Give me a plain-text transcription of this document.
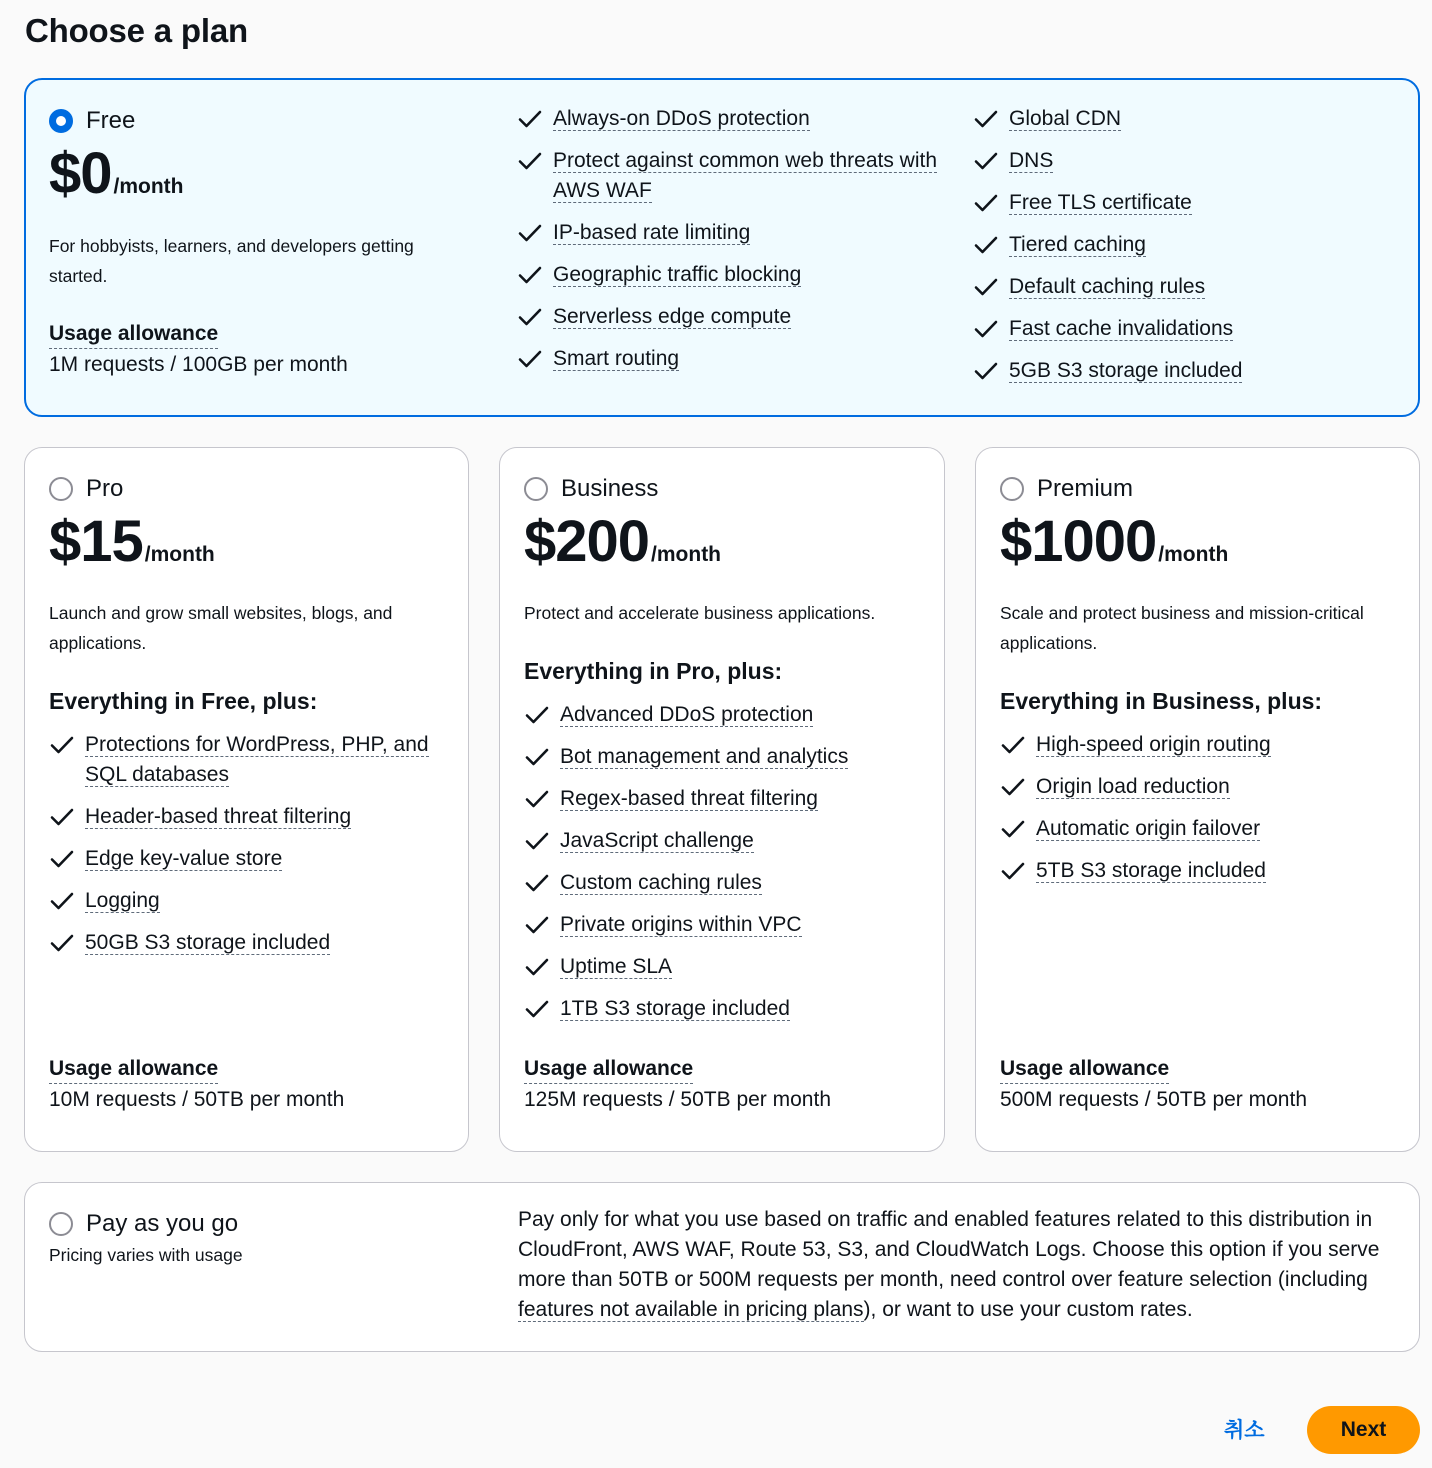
Choose a plan
Free
$0 /month
For hobbyists, learners, and developers getting started.
Usage allowance
1M requests / 100GB per month
Always-on DDoS protection
Protect against common web threats with AWS WAF
IP-based rate limiting
Geographic traffic blocking
Serverless edge compute
Smart routing
Global CDN
DNS
Free TLS certificate
Tiered caching
Default caching rules
Fast cache invalidations
5GB S3 storage included
Pro
$15 /month
Launch and grow small websites, blogs, and applications.
Everything in Free, plus:
Protections for WordPress, PHP, and SQL databases
Header-based threat filtering
Edge key-value store
Logging
50GB S3 storage included
Usage allowance
10M requests / 50TB per month
Business
$200 /month
Protect and accelerate business applications.
Everything in Pro, plus:
Advanced DDoS protection
Bot management and analytics
Regex-based threat filtering
JavaScript challenge
Custom caching rules
Private origins within VPC
Uptime SLA
1TB S3 storage included
Usage allowance
125M requests / 50TB per month
Premium
$1000 /month
Scale and protect business and mission-critical applications.
Everything in Business, plus:
High-speed origin routing
Origin load reduction
Automatic origin failover
5TB S3 storage included
Usage allowance
500M requests / 50TB per month
Pay as you go
Pricing varies with usage
Pay only for what you use based on traffic and enabled features related to this distribution in CloudFront, AWS WAF, Route 53, S3, and CloudWatch Logs. Choose this option if you serve more than 50TB or 500M requests per month, need control over feature selection (including features not available in pricing plans), or want to use your custom rates.
취소	Next
